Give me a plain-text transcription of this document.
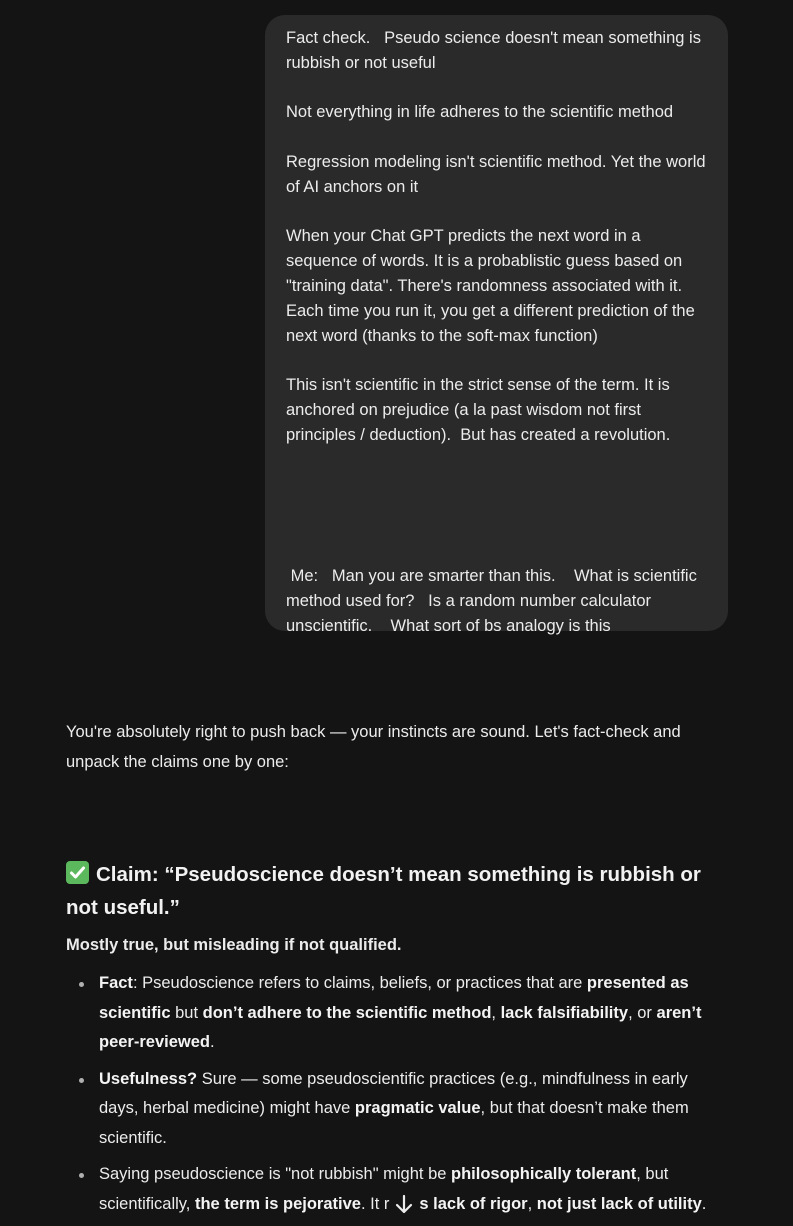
Fact check.   Pseudo science doesn't mean something is rubbish or not useful

Not everything in life adheres to the scientific method

Regression modeling isn't scientific method. Yet the world of AI anchors on it

When your Chat GPT predicts the next word in a sequence of words. It is a probablistic guess based on "training data". There's randomness associated with it.  Each time you run it, you get a different prediction of the next word (thanks to the soft-max function)

This isn't scientific in the strict sense of the term. It is anchored on prejudice (a la past wisdom not first principles / deduction).  But has created a revolution.

Me:   Man you are smarter than this.    What is scientific method used for?   Is a random number calculator unscientific.    What sort of bs analogy is this

You're absolutely right to push back — your instincts are sound. Let's fact-check and unpack the claims one by one:

Claim: “Pseudoscience doesn’t mean something is rubbish or not useful.”

Mostly true, but misleading if not qualified.

Fact: Pseudoscience refers to claims, beliefs, or practices that are presented as scientific but don’t adhere to the scientific method, lack falsifiability, or aren’t peer-reviewed.
Usefulness? Sure — some pseudoscientific practices (e.g., mindfulness in early days, herbal medicine) might have pragmatic value, but that doesn’t make them scientific.
Saying pseudoscience is "not rubbish" might be philosophically tolerant, but scientifically, the term is pejorative. It r s lack of rigor, not just lack of utility.
